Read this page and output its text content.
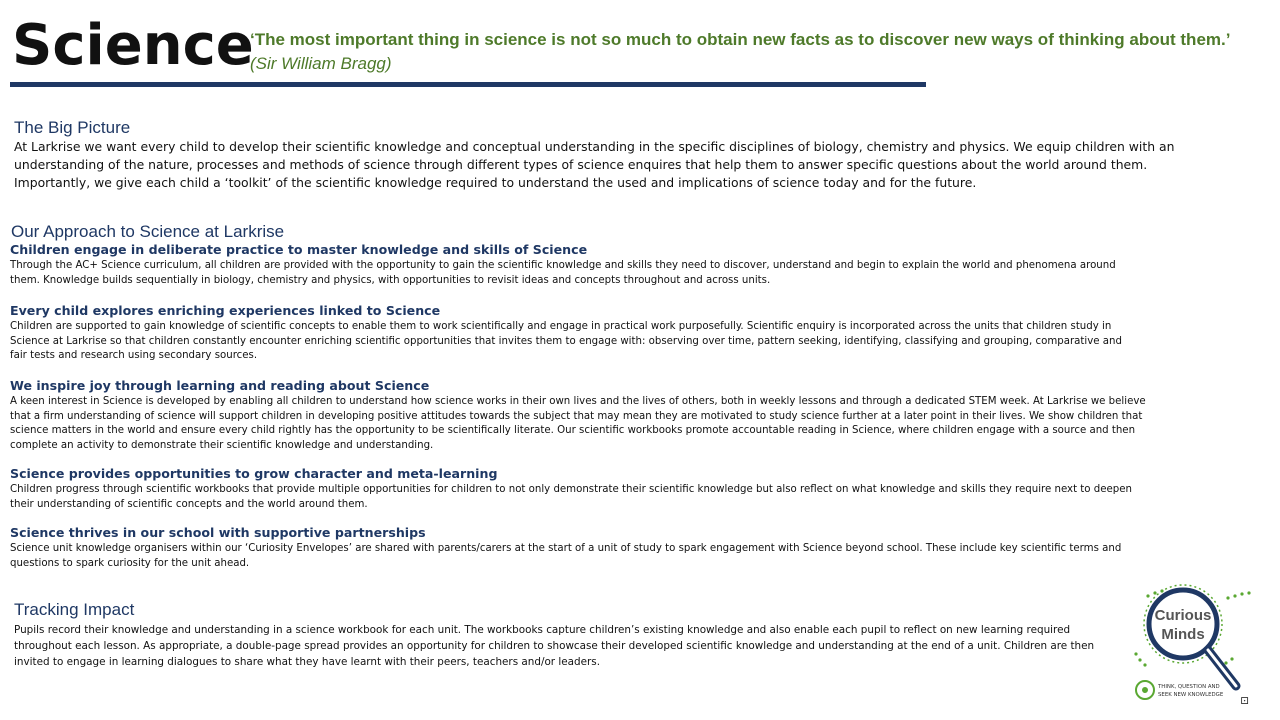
Science

‘The most important thing in science is not so much to obtain new facts as to discover new ways of thinking about them.’ (Sir William Bragg)

The Big Picture

At Larkrise we want every child to develop their scientific knowledge and conceptual understanding in the specific disciplines of biology, chemistry and physics. We equip children with an understanding of the nature, processes and methods of science through different types of science enquires that help them to answer specific questions about the world around them. Importantly, we give each child a ‘toolkit’ of the scientific knowledge required to understand the used and implications of science today and for the future.

Our Approach to Science at Larkrise
Children engage in deliberate practice to master knowledge and skills of Science

Through the AC+ Science curriculum, all children are provided with the opportunity to gain the scientific knowledge and skills they need to discover, understand and begin to explain the world and phenomena around them. Knowledge builds sequentially in biology, chemistry and physics, with opportunities to revisit ideas and concepts throughout and across units.

Every child explores enriching experiences linked to Science

Children are supported to gain knowledge of scientific concepts to enable them to work scientifically and engage in practical work purposefully. Scientific enquiry is incorporated across the units that children study in Science at Larkrise so that children constantly encounter enriching scientific opportunities that invites them to engage with: observing over time, pattern seeking, identifying, classifying and grouping, comparative and fair tests and research using secondary sources.

We inspire joy through learning and reading about Science

A keen interest in Science is developed by enabling all children to understand how science works in their own lives and the lives of others, both in weekly lessons and through a dedicated STEM week. At Larkrise we believe that a firm understanding of science will support children in developing positive attitudes towards the subject that may mean they are motivated to study science further at a later point in their lives. We show children that science matters in the world and ensure every child rightly has the opportunity to be scientifically literate. Our scientific workbooks promote accountable reading in Science, where children engage with a source and then complete an activity to demonstrate their scientific knowledge and understanding.

Science provides opportunities to grow character and meta-learning

Children progress through scientific workbooks that provide multiple opportunities for children to not only demonstrate their scientific knowledge but also reflect on what knowledge and skills they require next to deepen their understanding of scientific concepts and the world around them.

Science thrives in our school with supportive partnerships

Science unit knowledge organisers within our ‘Curiosity Envelopes’ are shared with parents/carers at the start of a unit of study to spark engagement with Science beyond school. These include key scientific terms and questions to spark curiosity for the unit ahead.

Tracking Impact

Pupils record their knowledge and understanding in a science workbook for each unit. The workbooks capture children’s existing knowledge and also enable each pupil to reflect on new learning required throughout each lesson. As appropriate, a double-page spread provides an opportunity for children to showcase their developed scientific knowledge and understanding at the end of a unit. Children are then invited to engage in learning dialogues to share what they have learnt with their peers, teachers and/or leaders.

Curious
Minds
THINK, QUESTION AND
SEEK NEW KNOWLEDGE ⊡
